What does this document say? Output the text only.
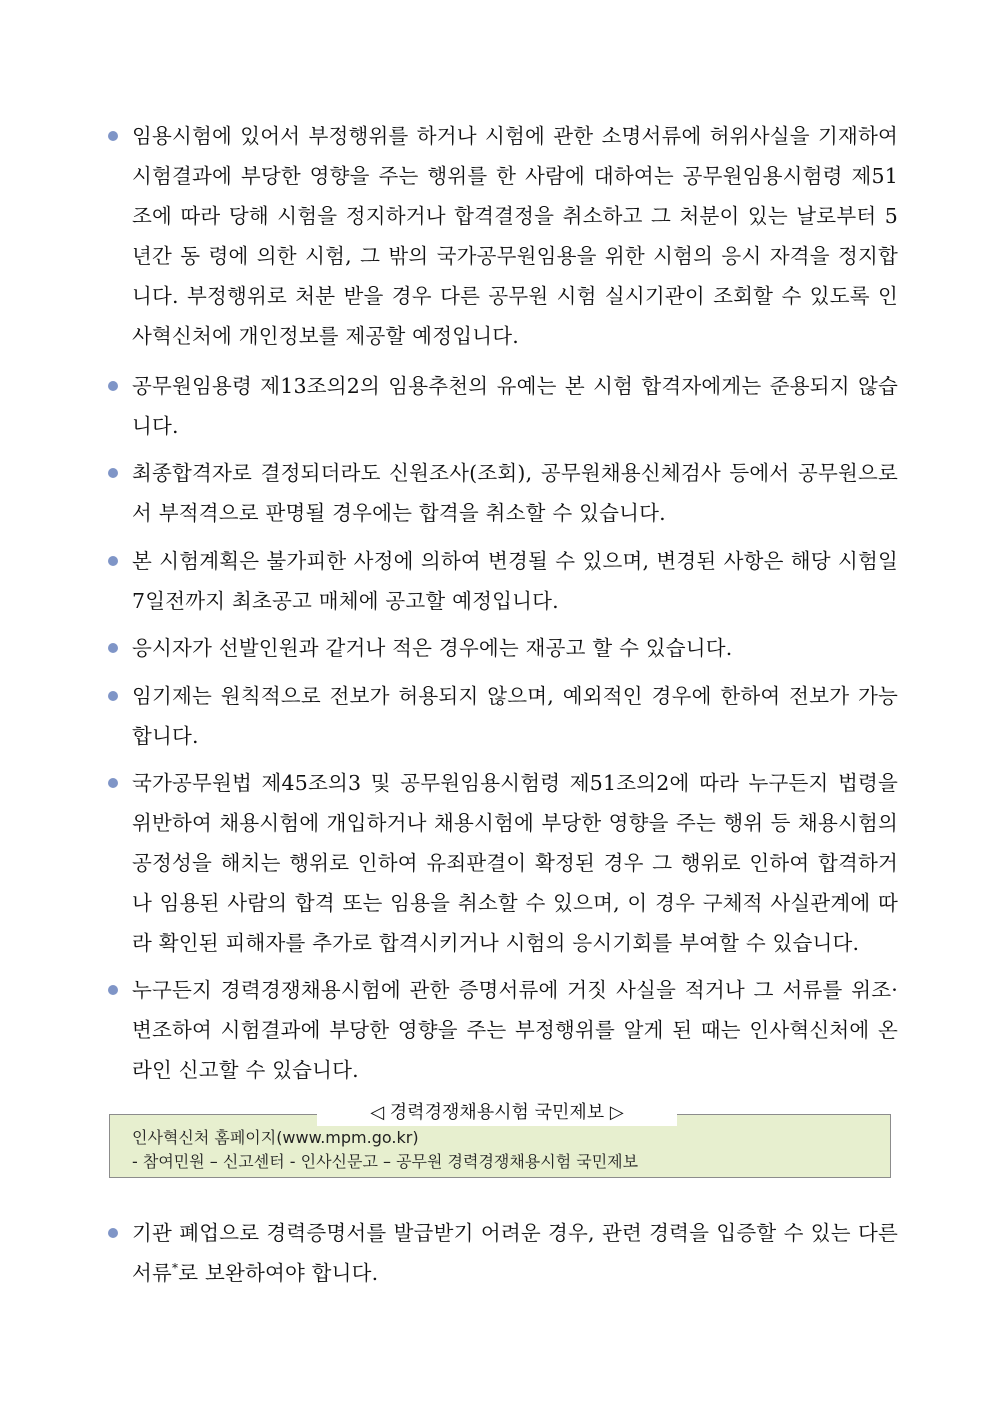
임용시험에 있어서 부정행위를 하거나 시험에 관한 소명서류에 허위사실을 기재하여 시험결과에 부당한 영향을 주는 행위를 한 사람에 대하여는 공무원임용시험령 제51조에 따라 당해 시험을 정지하거나 합격결정을 취소하고 그 처분이 있는 날로부터 5년간 동 령에 의한 시험, 그 밖의 국가공무원임용을 위한 시험의 응시 자격을 정지합니다. 부정행위로 처분 받을 경우 다른 공무원 시험 실시기관이 조회할 수 있도록 인사혁신처에 개인정보를 제공할 예정입니다.
공무원임용령 제13조의2의 임용추천의 유예는 본 시험 합격자에게는 준용되지 않습니다.
최종합격자로 결정되더라도 신원조사(조회), 공무원채용신체검사 등에서 공무원으로서 부적격으로 판명될 경우에는 합격을 취소할 수 있습니다.
본 시험계획은 불가피한 사정에 의하여 변경될 수 있으며, 변경된 사항은 해당 시험일 7일전까지 최초공고 매체에 공고할 예정입니다.
응시자가 선발인원과 같거나 적은 경우에는 재공고 할 수 있습니다.
임기제는 원칙적으로 전보가 허용되지 않으며, 예외적인 경우에 한하여 전보가 가능합니다.
국가공무원법 제45조의3 및 공무원임용시험령 제51조의2에 따라 누구든지 법령을 위반하여 채용시험에 개입하거나 채용시험에 부당한 영향을 주는 행위 등 채용시험의 공정성을 해치는 행위로 인하여 유죄판결이 확정된 경우 그 행위로 인하여 합격하거나 임용된 사람의 합격 또는 임용을 취소할 수 있으며, 이 경우 구체적 사실관계에 따라 확인된 피해자를 추가로 합격시키거나 시험의 응시기회를 부여할 수 있습니다.
누구든지 경력경쟁채용시험에 관한 증명서류에 거짓 사실을 적거나 그 서류를 위조·변조하여 시험결과에 부당한 영향을 주는 부정행위를 알게 된 때는 인사혁신처에 온라인 신고할 수 있습니다.
인사혁신처 홈페이지(www.mpm.go.kr)
- 참여민원 – 신고센터 - 인사신문고 – 공무원 경력경쟁채용시험 국민제보
◁ 경력경쟁채용시험 국민제보 ▷
기관 폐업으로 경력증명서를 발급받기 어려운 경우, 관련 경력을 입증할 수 있는 다른 서류*로 보완하여야 합니다.
